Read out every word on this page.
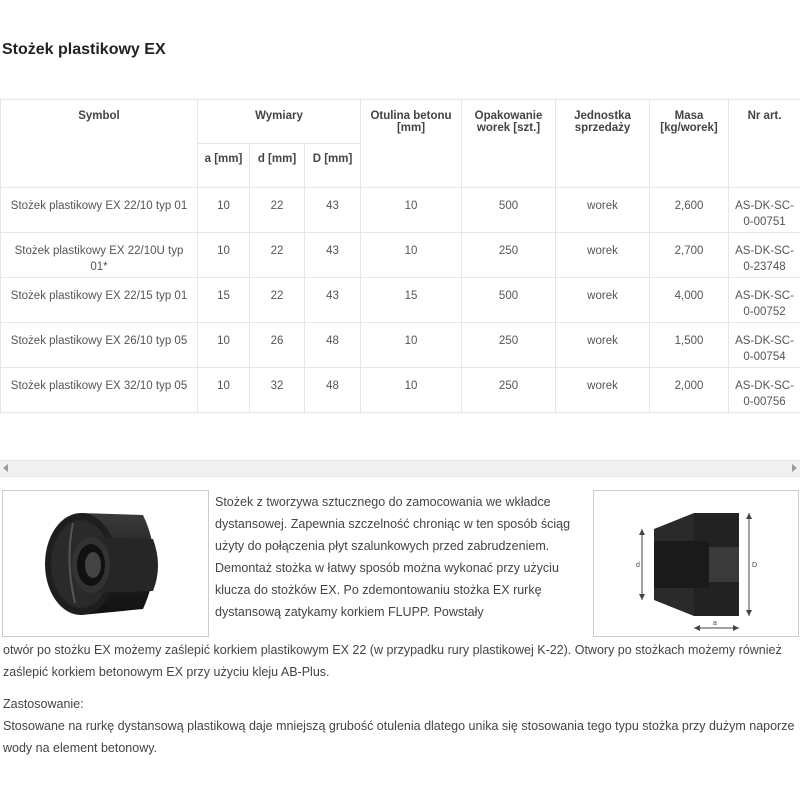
Stożek plastikowy EX
Symbol	Wymiary			Otulina betonu [mm]	Opakowanie worek [szt.]	Jednostka sprzedaży	Masa [kg/worek]	Nr art.
	a [mm]	d [mm]	D [mm]					
Stożek plastikowy EX 22/10 typ 01	10	22	43	10	500	worek	2,600	AS-DK-SC-0-00751
Stożek plastikowy EX 22/10U typ 01*	10	22	43	10	250	worek	2,700	AS-DK-SC-0-23748
Stożek plastikowy EX 22/15 typ 01	15	22	43	15	500	worek	4,000	AS-DK-SC-0-00752
Stożek plastikowy EX 26/10 typ 05	10	26	48	10	250	worek	1,500	AS-DK-SC-0-00754
Stożek plastikowy EX 32/10 typ 05	10	32	48	10	250	worek	2,000	AS-DK-SC-0-00756

Stożek z tworzywa sztucznego do zamocowania we wkładce dystansowej. Zapewnia szczelność chroniąc w ten sposób ściąg użyty do połączenia płyt szalunkowych przed zabrudzeniem. Demontaż stożka w łatwy sposób można wykonać przy użyciu klucza do stożków EX. Po zdemontowaniu stożka EX rurkę dystansową zatykamy korkiem FLUPP. Powstały

d	D
a

otwór po stożku EX możemy zaślepić korkiem plastikowym EX 22 (w przypadku rury plastikowej K-22). Otwory po stożkach możemy również zaślepić korkiem betonowym EX przy użyciu kleju AB-Plus.

Zastosowanie:

Stosowane na rurkę dystansową plastikową daje mniejszą grubość otulenia dlatego unika się stosowania tego typu stożka przy dużym naporze wody na element betonowy.
